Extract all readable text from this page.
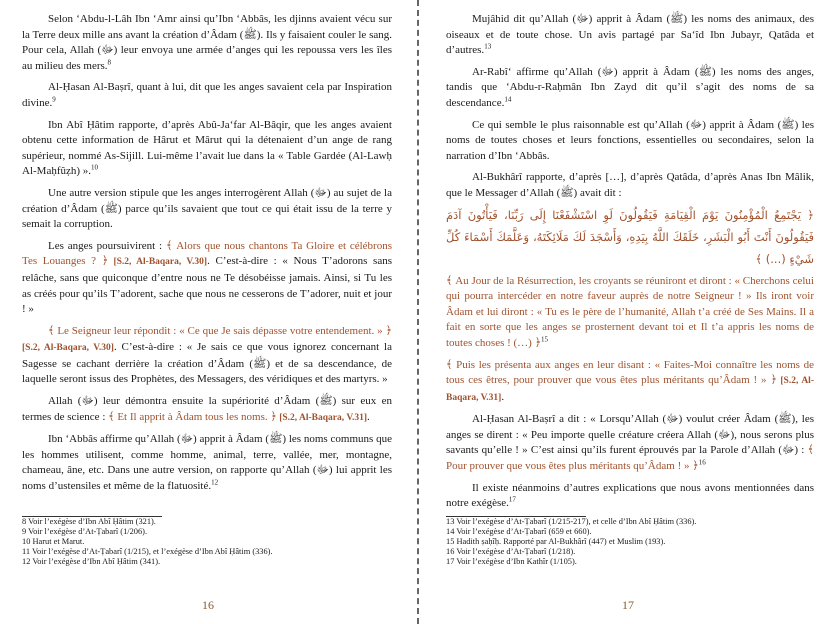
Selon ‘Abdu-l-Lâh Ibn ‘Amr ainsi qu’Ibn ‘Abbâs, les djinns avaient vécu sur la Terre deux mille ans avant la création d’Âdam (ﷺ). Ils y faisaient couler le sang. Pour cela, Allah (ﷻ) leur envoya une armée d’anges qui les repoussa vers les îles au milieu des mers.$^8$

Al-Ḥasan Al-Baṣrî, quant à lui, dit que les anges savaient cela par Inspiration divine.$^9$

Ibn Abî Ḥâtim rapporte, d’après Abû-Ja‘far Al-Bâqir, que les anges avaient obtenu cette information de Hârut et Mârut qui la détenaient d’un ange de rang supérieur, nommé As-Sijill. Lui-même l’avait lue dans la « Table Gardée (Al-Lawḥ Al-Maḥfûẓh) ».$^{10}$

Une autre version stipule que les anges interrogèrent Allah (ﷻ) au sujet de la création d’Âdam (ﷺ) parce qu’ils savaient que tout ce qui était issu de la terre y semait la corruption.

Les anges poursuivirent : ﴾ Alors que nous chantons Ta Gloire et célébrons Tes Louanges ? ﴿ [S.2, Al-Baqara, V.30]. C’est-à-dire : « Nous T’adorons sans relâche, sans que quiconque d’entre nous ne Te désobéisse jamais. Ainsi, si Tu les as créés pour qu’ils T’adorent, sache que nous ne cesserons de T’adorer, nuit et jour ! »

﴾ Le Seigneur leur répondit : « Ce que Je sais dépasse votre entendement. » ﴿ [S.2, Al-Baqara, V.30]. C’est-à-dire : « Je sais ce que vous ignorez concernant la Sagesse se cachant derrière la création d’Âdam (ﷺ) et de sa descendance, de laquelle seront issus des Prophètes, des Messagers, des véridiques et des martyrs. »

Allah (ﷻ) leur démontra ensuite la supériorité d’Âdam (ﷺ) sur eux en termes de science : ﴾ Et Il apprit à Âdam tous les noms. ﴿ [S.2, Al-Baqara, V.31].

Ibn ‘Abbâs affirme qu’Allah (ﷻ) apprit à Âdam (ﷺ) les noms communs que les hommes utilisent, comme homme, animal, terre, vallée, mer, montagne, chameau, âne, etc. Dans une autre version, on rapporte qu’Allah (ﷻ) lui apprit les noms d’ustensiles et même de la flatuosité.$^{12}$

8 Voir l’exégèse d’Ibn Abî Ḥâtim (321).
9 Voir l’exégèse d’At-Ṭabarî (1/206).
10 Harut et Marut.
11 Voir l’exégèse d’At-Ṭabarî (1/215), et l’exégèse d’Ibn Abî Ḥâtim (336).
12 Voir l’exégèse d’Ibn Abî Ḥâtim (341).
16

Mujâhid dit qu’Allah (ﷻ) apprit à Âdam (ﷺ) les noms des animaux, des oiseaux et de toute chose. Un avis partagé par Sa‘îd Ibn Jubayr, Qatâda et d’autres.$^{13}$

Ar-Rabî‘ affirme qu’Allah (ﷻ) apprit à Âdam (ﷺ) les noms des anges, tandis que ‘Abdu-r-Raḥmân Ibn Zayd dit qu’il s’agit des noms de sa descendance.$^{14}$

Ce qui semble le plus raisonnable est qu’Allah (ﷻ) apprit à Âdam (ﷺ) les noms de toutes choses et leurs fonctions, essentielles ou secondaires, selon la narration d’Ibn ‘Abbâs.

Al-Bukhârî rapporte, d’après […], d’après Qatâda, d’après Anas Ibn Mâlik, que le Messager d’Allah (ﷺ) avait dit :

﴿ يَجْتَمِعُ الْمُؤْمِنُونَ يَوْمَ الْقِيَامَةِ فَيَقُولُونَ لَوِ اسْتَشْفَعْنَا إِلَى رَبِّنَا، فَيَأْتُونَ آدَمَ فَيَقُولُونَ أَنْتَ أَبُو الْبَشَرِ، خَلَقَكَ اللَّهُ بِيَدِهِ، وَأَسْجَدَ لَكَ مَلَائِكَتَهُ، وَعَلَّمَكَ أَسْمَاءَ كُلِّ شَيْءٍ (...) ﴾

﴾ Au Jour de la Résurrection, les croyants se réuniront et diront : « Cherchons celui qui pourra intercéder en notre faveur auprès de notre Seigneur ! » Ils iront voir Âdam et lui diront : « Tu es le père de l’humanité, Allah t’a créé de Ses Mains. Il a fait en sorte que les anges se prosternent devant toi et Il t’a appris les noms de toutes choses ! (…) ﴿$^{15}$

﴾ Puis les présenta aux anges en leur disant : « Faites-Moi connaître les noms de tous ces êtres, pour prouver que vous êtes plus méritants qu’Âdam ! » ﴿ [S.2, Al-Baqara, V.31].

Al-Ḥasan Al-Baṣrî a dit : « Lorsqu’Allah (ﷻ) voulut créer Âdam (ﷺ), les anges se dirent : « Peu importe quelle créature créera Allah (ﷻ), nous serons plus savants qu’elle ! » C’est ainsi qu’ils furent éprouvés par la Parole d’Allah (ﷻ) : ﴾ Pour prouver que vous êtes plus méritants qu’Âdam ! » ﴿$^{16}$

Il existe néanmoins d’autres explications que nous avons mentionnées dans notre exégèse.$^{17}$

13 Voir l’exégèse d’At-Ṭabarî (1/215-217), et celle d’Ibn Abî Ḥâtim (336).
14 Voir l’exégèse d’At-Ṭabarî (659 et 660).
15 Hadith ṣaḥîḥ. Rapporté par Al-Bukhârî (447) et Muslim (193).
16 Voir l’exégèse d’At-Ṭabarî (1/218).
17 Voir l’exégèse d’Ibn Kathîr (1/105).
17
